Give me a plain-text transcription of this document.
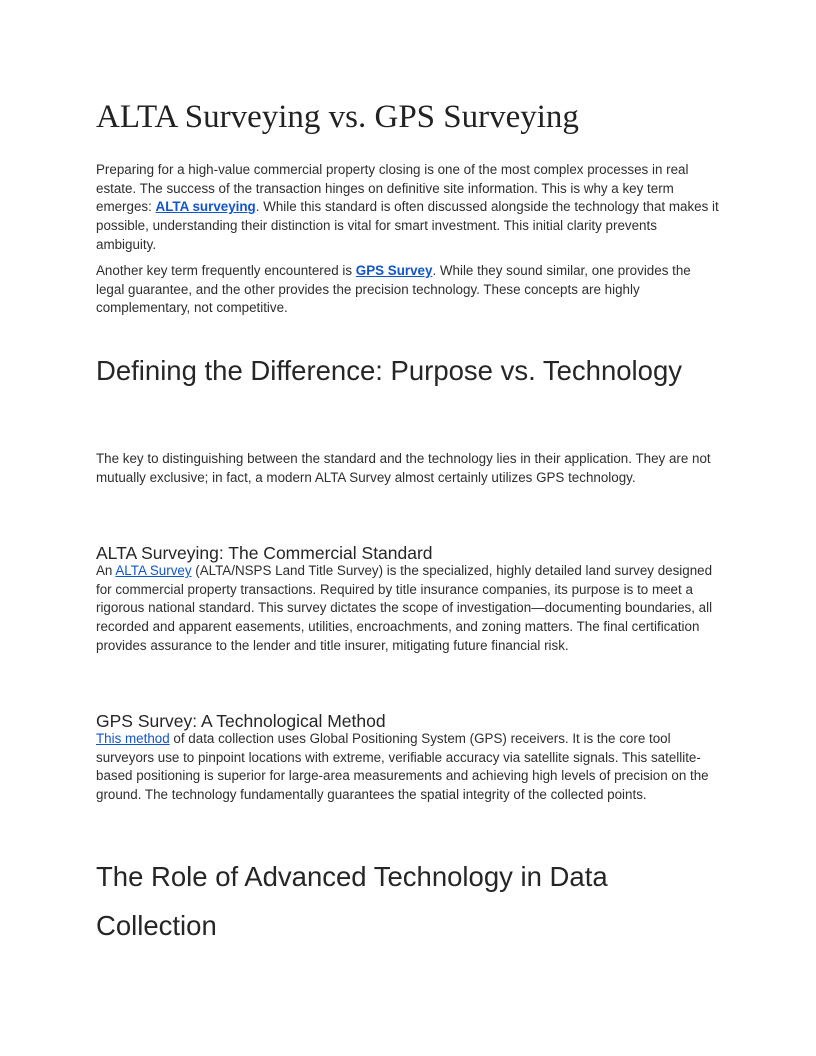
ALTA Surveying vs. GPS Surveying

Preparing for a high-value commercial property closing is one of the most complex processes in real estate. The success of the transaction hinges on definitive site information. This is why a key term emerges: ALTA surveying. While this standard is often discussed alongside the technology that makes it possible, understanding their distinction is vital for smart investment. This initial clarity prevents ambiguity.

Another key term frequently encountered is GPS Survey. While they sound similar, one provides the legal guarantee, and the other provides the precision technology. These concepts are highly complementary, not competitive.

Defining the Difference: Purpose vs. Technology

The key to distinguishing between the standard and the technology lies in their application. They are not mutually exclusive; in fact, a modern ALTA Survey almost certainly utilizes GPS technology.

ALTA Surveying: The Commercial Standard

An ALTA Survey (ALTA/NSPS Land Title Survey) is the specialized, highly detailed land survey designed for commercial property transactions. Required by title insurance companies, its purpose is to meet a rigorous national standard. This survey dictates the scope of investigation—documenting boundaries, all recorded and apparent easements, utilities, encroachments, and zoning matters. The final certification provides assurance to the lender and title insurer, mitigating future financial risk.

GPS Survey: A Technological Method

This method of data collection uses Global Positioning System (GPS) receivers. It is the core tool surveyors use to pinpoint locations with extreme, verifiable accuracy via satellite signals. This satellite-based positioning is superior for large-area measurements and achieving high levels of precision on the ground. The technology fundamentally guarantees the spatial integrity of the collected points.

The Role of Advanced Technology in Data Collection
